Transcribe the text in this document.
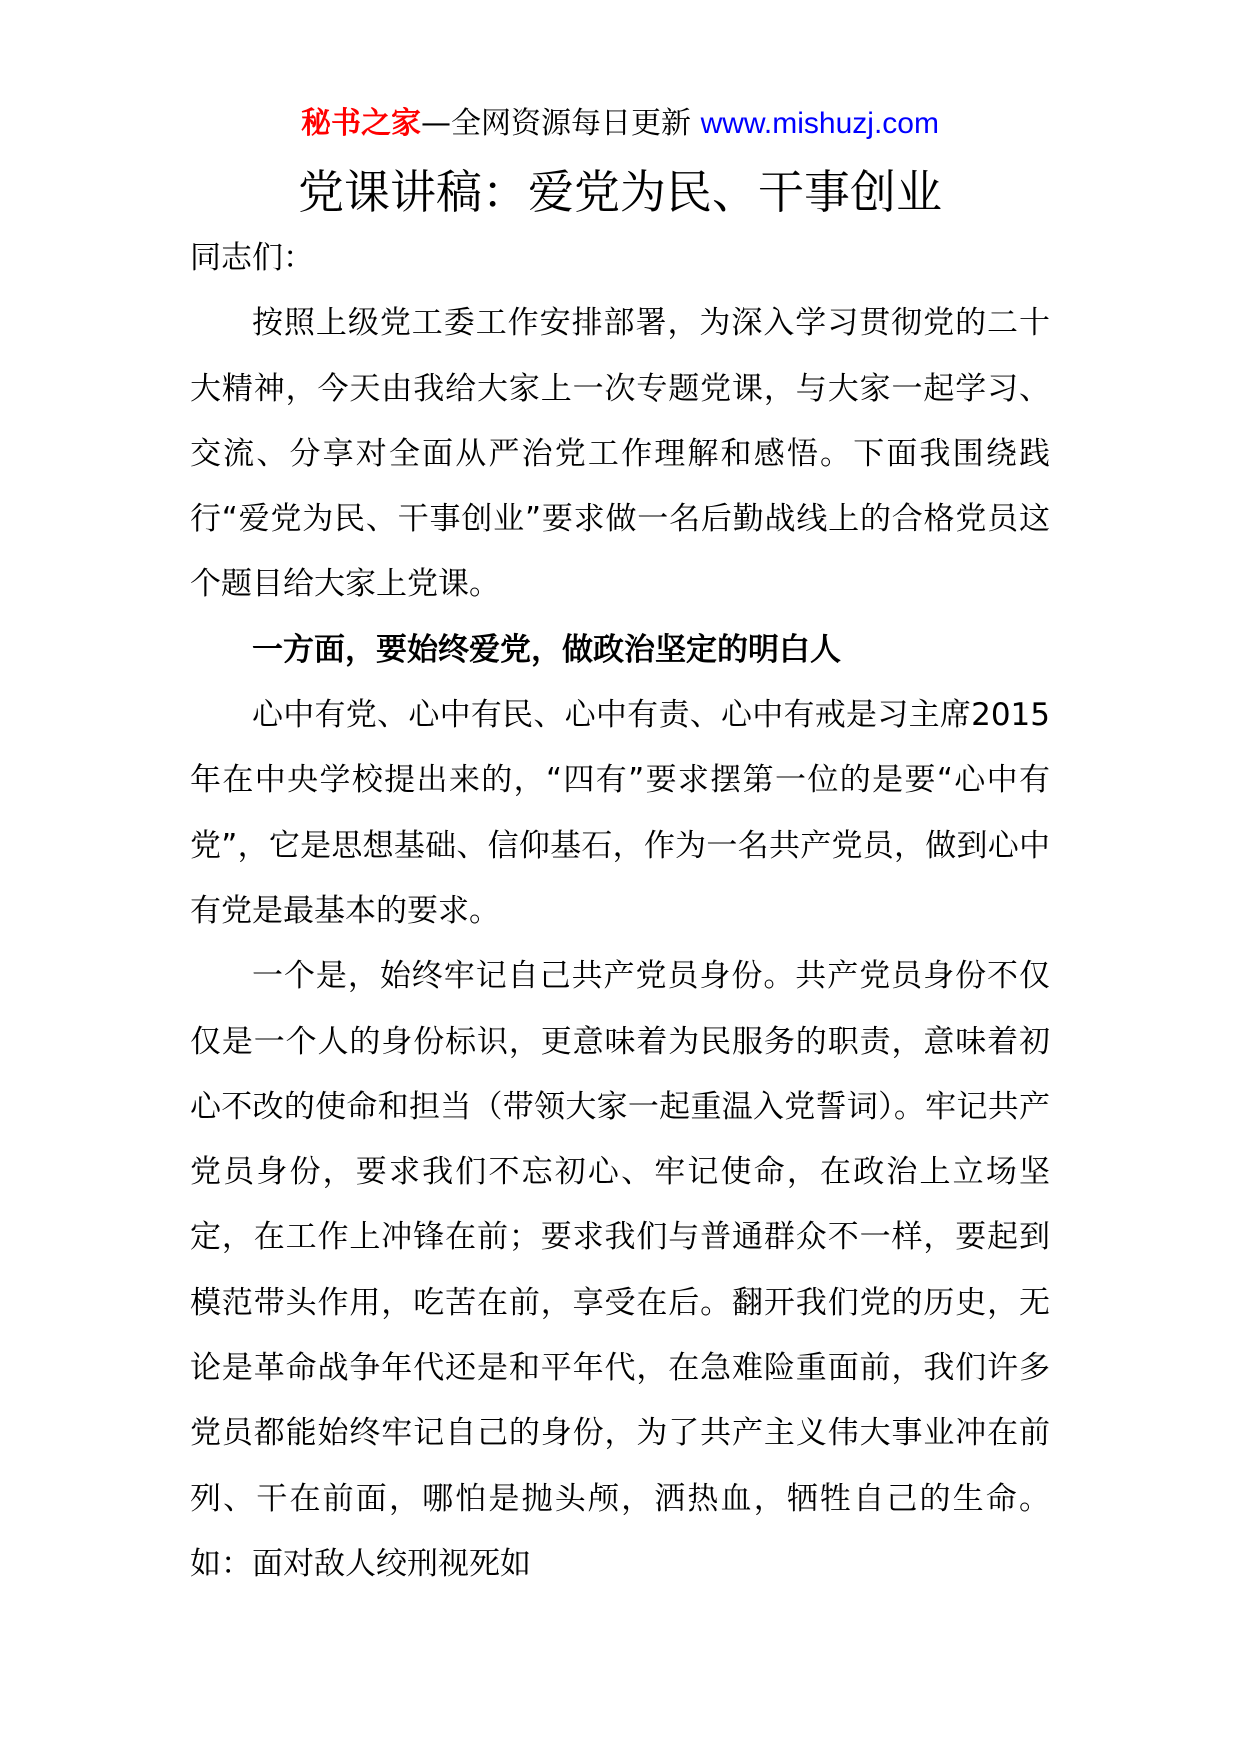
秘书之家—全网资源每日更新 www.mishuzj.com
党课讲稿：爱党为民、干事创业

同志们：

按照上级党工委工作安排部署，为深入学习贯彻党的二十大精神，今天由我给大家上一次专题党课，与大家一起学习、交流、分享对全面从严治党工作理解和感悟。下面我围绕践行“爱党为民、干事创业”要求做一名后勤战线上的合格党员这个题目给大家上党课。

一方面，要始终爱党，做政治坚定的明白人

心中有党、心中有民、心中有责、心中有戒是习主席2015年在中央学校提出来的，“四有”要求摆第一位的是要“心中有党”，它是思想基础、信仰基石，作为一名共产党员，做到心中有党是最基本的要求。

一个是，始终牢记自己共产党员身份。共产党员身份不仅仅是一个人的身份标识，更意味着为民服务的职责，意味着初心不改的使命和担当（带领大家一起重温入党誓词）。牢记共产党员身份，要求我们不忘初心、牢记使命，在政治上立场坚定，在工作上冲锋在前；要求我们与普通群众不一样，要起到模范带头作用，吃苦在前，享受在后。翻开我们党的历史，无论是革命战争年代还是和平年代，在急难险重面前，我们许多党员都能始终牢记自己的身份，为了共产主义伟大事业冲在前列、干在前面，哪怕是抛头颅，洒热血，牺牲自己的生命。如：面对敌人绞刑视死如
